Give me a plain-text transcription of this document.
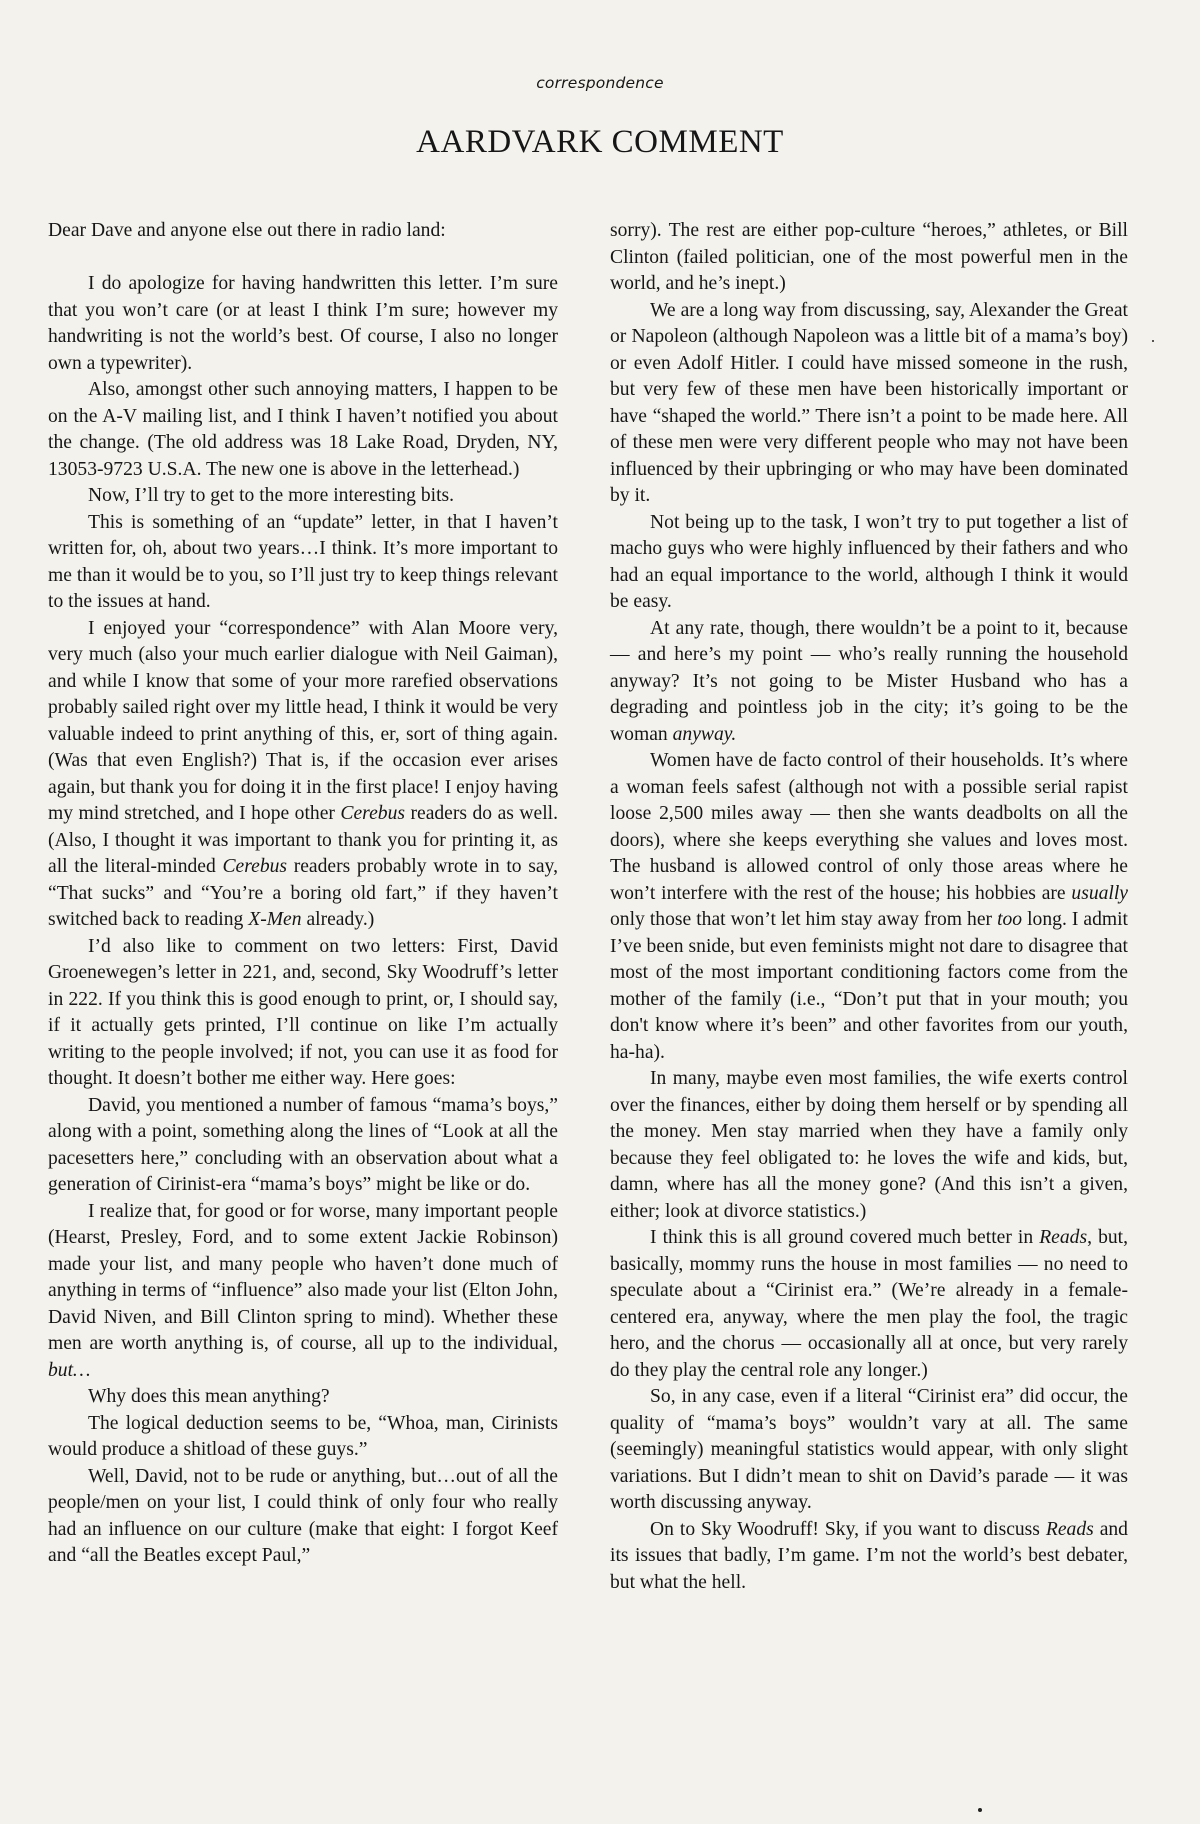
correspondence
AARDVARK COMMENT

Dear Dave and anyone else out there in radio land:

I do apologize for having handwritten this letter. I’m sure that you won’t care (or at least I think I’m sure; however my handwriting is not the world’s best. Of course, I also no longer own a typewriter).

Also, amongst other such annoying matters, I happen to be on the A-V mailing list, and I think I haven’t notified you about the change. (The old address was 18 Lake Road, Dryden, NY, 13053-9723 U.S.A. The new one is above in the letterhead.)

Now, I’ll try to get to the more interesting bits.

This is something of an “update” letter, in that I haven’t written for, oh, about two years…I think. It’s more important to me than it would be to you, so I’ll just try to keep things relevant to the issues at hand.

I enjoyed your “correspondence” with Alan Moore very, very much (also your much earlier dialogue with Neil Gaiman), and while I know that some of your more rarefied observations probably sailed right over my little head, I think it would be very valuable indeed to print anything of this, er, sort of thing again. (Was that even English?) That is, if the occasion ever arises again, but thank you for doing it in the first place! I enjoy having my mind stretched, and I hope other Cerebus readers do as well. (Also, I thought it was important to thank you for printing it, as all the literal-minded Cerebus readers probably wrote in to say, “That sucks” and “You’re a boring old fart,” if they haven’t switched back to reading X-Men already.)

I’d also like to comment on two letters: First, David Groenewegen’s letter in 221, and, second, Sky Woodruff’s letter in 222. If you think this is good enough to print, or, I should say, if it actually gets printed, I’ll continue on like I’m actually writing to the people involved; if not, you can use it as food for thought. It doesn’t bother me either way. Here goes:

David, you mentioned a number of famous “mama’s boys,” along with a point, something along the lines of “Look at all the pacesetters here,” concluding with an observation about what a generation of Cirinist-era “mama’s boys” might be like or do.

I realize that, for good or for worse, many important people (Hearst, Presley, Ford, and to some extent Jackie Robinson) made your list, and many people who haven’t done much of anything in terms of “influence” also made your list (Elton John, David Niven, and Bill Clinton spring to mind). Whether these men are worth anything is, of course, all up to the individual, but…

Why does this mean anything?

The logical deduction seems to be, “Whoa, man, Cirinists would produce a shitload of these guys.”

Well, David, not to be rude or anything, but…out of all the people/men on your list, I could think of only four who really had an influence on our culture (make that eight: I forgot Keef and “all the Beatles except Paul,”

sorry). The rest are either pop-culture “heroes,” athletes, or Bill Clinton (failed politician, one of the most powerful men in the world, and he’s inept.)

We are a long way from discussing, say, Alexander the Great or Napoleon (although Napoleon was a little bit of a mama’s boy) or even Adolf Hitler. I could have missed someone in the rush, but very few of these men have been historically important or have “shaped the world.” There isn’t a point to be made here. All of these men were very different people who may not have been influenced by their upbringing or who may have been dominated by it.

Not being up to the task, I won’t try to put together a list of macho guys who were highly influenced by their fathers and who had an equal importance to the world, although I think it would be easy.

At any rate, though, there wouldn’t be a point to it, because — and here’s my point — who’s really running the household anyway? It’s not going to be Mister Husband who has a degrading and pointless job in the city; it’s going to be the woman anyway.

Women have de facto control of their households. It’s where a woman feels safest (although not with a possible serial rapist loose 2,500 miles away — then she wants deadbolts on all the doors), where she keeps everything she values and loves most. The husband is allowed control of only those areas where he won’t interfere with the rest of the house; his hobbies are usually only those that won’t let him stay away from her too long. I admit I’ve been snide, but even feminists might not dare to disagree that most of the most important conditioning factors come from the mother of the family (i.e., “Don’t put that in your mouth; you don't know where it’s been” and other favorites from our youth, ha-ha).

In many, maybe even most families, the wife exerts control over the finances, either by doing them herself or by spending all the money. Men stay married when they have a family only because they feel obligated to: he loves the wife and kids, but, damn, where has all the money gone? (And this isn’t a given, either; look at divorce statistics.)

I think this is all ground covered much better in Reads, but, basically, mommy runs the house in most families — no need to speculate about a “Cirinist era.” (We’re already in a female-centered era, anyway, where the men play the fool, the tragic hero, and the chorus — occasionally all at once, but very rarely do they play the central role any longer.)

So, in any case, even if a literal “Cirinist era” did occur, the quality of “mama’s boys” wouldn’t vary at all. The same (seemingly) meaningful statistics would appear, with only slight variations. But I didn’t mean to shit on David’s parade — it was worth discussing anyway.

On to Sky Woodruff! Sky, if you want to discuss Reads and its issues that badly, I’m game. I’m not the world’s best debater, but what the hell.
